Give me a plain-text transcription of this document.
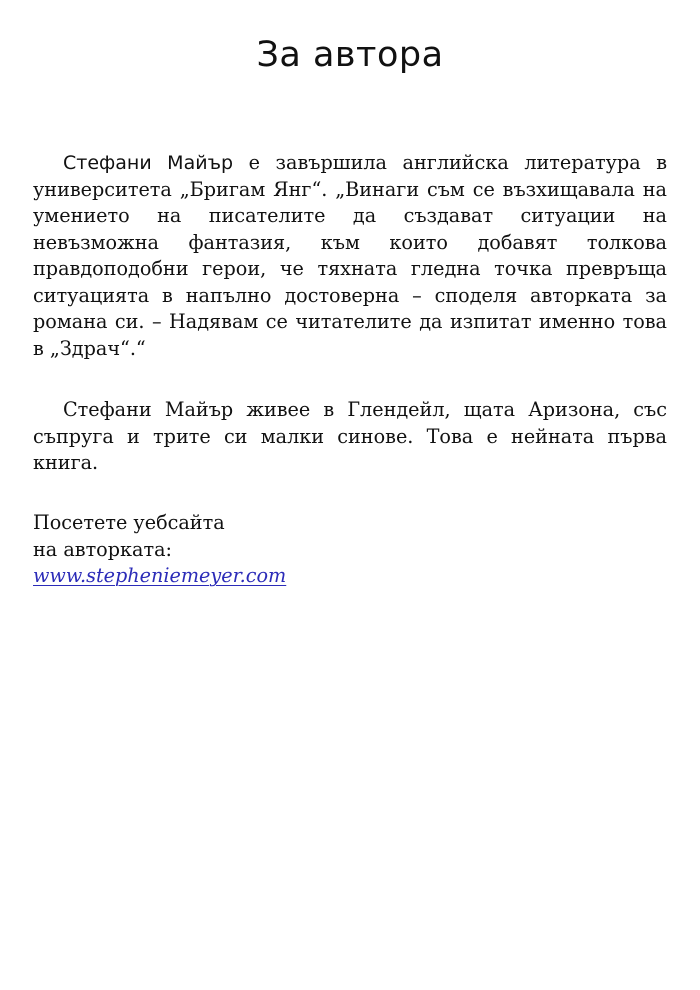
За автора

Стефани Майър е завършила английска литература в университета „Бригам Янг“. „Винаги съм се възхищавала на умението на писателите да създават ситуации на невъзможна фантазия, към които добавят толкова правдоподобни герои, че тяхната гледна точка превръща ситуацията в напълно достоверна – споделя авторката за романа си. – Надявам се читателите да изпитат именно това в „Здрач“.“

Стефани Майър живее в Глендейл, щата Аризона, със съпруга и трите си малки синове. Това е нейната първа книга.

Посетете уебсайта
на авторката:
www.stepheniemeyer.com
